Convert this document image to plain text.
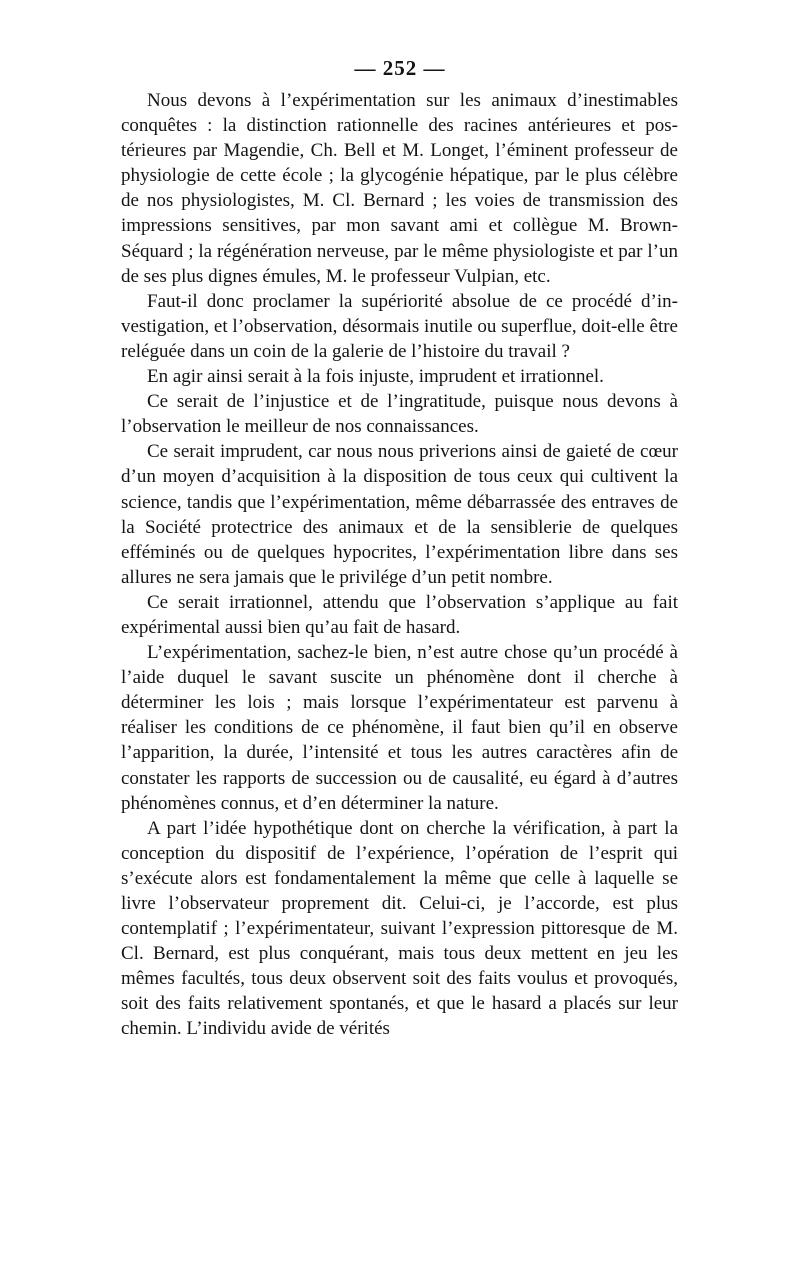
— 252 —

Nous devons à l’expérimentation sur les animaux d’inestimables conquêtes : la distinction rationnelle des racines antérieures et postérieures par Magendie, Ch. Bell et M. Longet, l’éminent professeur de physiologie de cette école ; la glycogénie hépatique, par le plus célèbre de nos physiologistes, M. Cl. Bernard ; les voies de transmission des impressions sensitives, par mon savant ami et collègue M. Brown-Séquard ; la régénération nerveuse, par le même physiologiste et par l’un de ses plus dignes émules, M. le professeur Vulpian, etc.

Faut-il donc proclamer la supériorité absolue de ce procédé d’investigation, et l’observation, désormais inutile ou superflue, doit-elle être reléguée dans un coin de la galerie de l’histoire du travail ?

En agir ainsi serait à la fois injuste, imprudent et irrationnel.

Ce serait de l’injustice et de l’ingratitude, puisque nous devons à l’observation le meilleur de nos connaissances.

Ce serait imprudent, car nous nous priverions ainsi de gaieté de cœur d’un moyen d’acquisition à la disposition de tous ceux qui cultivent la science, tandis que l’expérimentation, même débarrassée des entraves de la Société protectrice des animaux et de la sensiblerie de quelques efféminés ou de quelques hypocrites, l’expérimentation libre dans ses allures ne sera jamais que le privilége d’un petit nombre.

Ce serait irrationnel, attendu que l’observation s’applique au fait expérimental aussi bien qu’au fait de hasard.

L’expérimentation, sachez-le bien, n’est autre chose qu’un procédé à l’aide duquel le savant suscite un phénomène dont il cherche à déterminer les lois ; mais lorsque l’expérimentateur est parvenu à réaliser les conditions de ce phénomène, il faut bien qu’il en observe l’apparition, la durée, l’intensité et tous les autres caractères afin de constater les rapports de succession ou de causalité, eu égard à d’autres phénomènes connus, et d’en déterminer la nature.

A part l’idée hypothétique dont on cherche la vérification, à part la conception du dispositif de l’expérience, l’opération de l’esprit qui s’exécute alors est fondamentalement la même que celle à laquelle se livre l’observateur proprement dit. Celui-ci, je l’accorde, est plus contemplatif ; l’expérimentateur, suivant l’expression pittoresque de M. Cl. Bernard, est plus conquérant, mais tous deux mettent en jeu les mêmes facultés, tous deux observent soit des faits voulus et provoqués, soit des faits relativement spontanés, et que le hasard a placés sur leur chemin. L’individu avide de vérités
